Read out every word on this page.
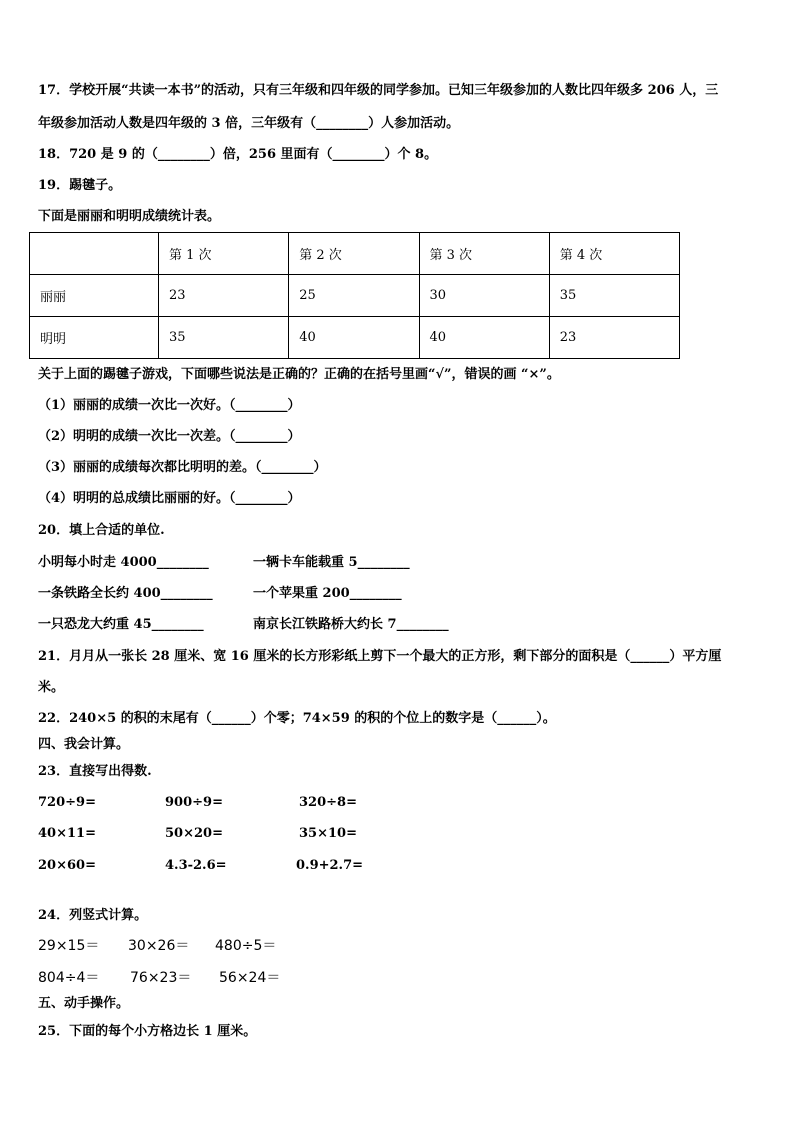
17．学校开展“共读一本书”的活动，只有三年级和四年级的同学参加。已知三年级参加的人数比四年级多 206 人，三
年级参加活动人数是四年级的 3 倍，三年级有（________）人参加活动。
18．720 是 9 的（________）倍，256 里面有（________）个 8。
19．踢毽子。
下面是丽丽和明明成绩统计表。
	第 1 次	第 2 次	第 3 次	第 4 次
丽丽	23	25	30	35
明明	35	40	40	23
关于上面的踢毽子游戏，下面哪些说法是正确的？正确的在括号里画“√”，错误的画 “×”。
（1）丽丽的成绩一次比一次好。（________）
（2）明明的成绩一次比一次差。（________）
（3）丽丽的成绩每次都比明明的差。（________）
（4）明明的总成绩比丽丽的好。（________）
20．填上合适的单位.
小明每小时走 4000________	一辆卡车能载重 5________
一条铁路全长约 400________	一个苹果重 200________
一只恐龙大约重 45________	南京长江铁路桥大约长 7________
21．月月从一张长 28 厘米、宽 16 厘米的长方形彩纸上剪下一个最大的正方形，剩下部分的面积是（______）平方厘
米。
22．240×5 的积的末尾有（______）个零；74×59 的积的个位上的数字是（______）。
四、我会计算。
23．直接写出得数.
720÷9=	900÷9=	320÷8=
40×11=	50×20=	35×10=
20×60=	4.3-2.6=	0.9+2.7=
24．列竖式计算。
29×15＝ 30×26＝ 480÷5＝
804÷4＝ 76×23＝ 56×24＝
五、动手操作。
25．下面的每个小方格边长 1 厘米。
